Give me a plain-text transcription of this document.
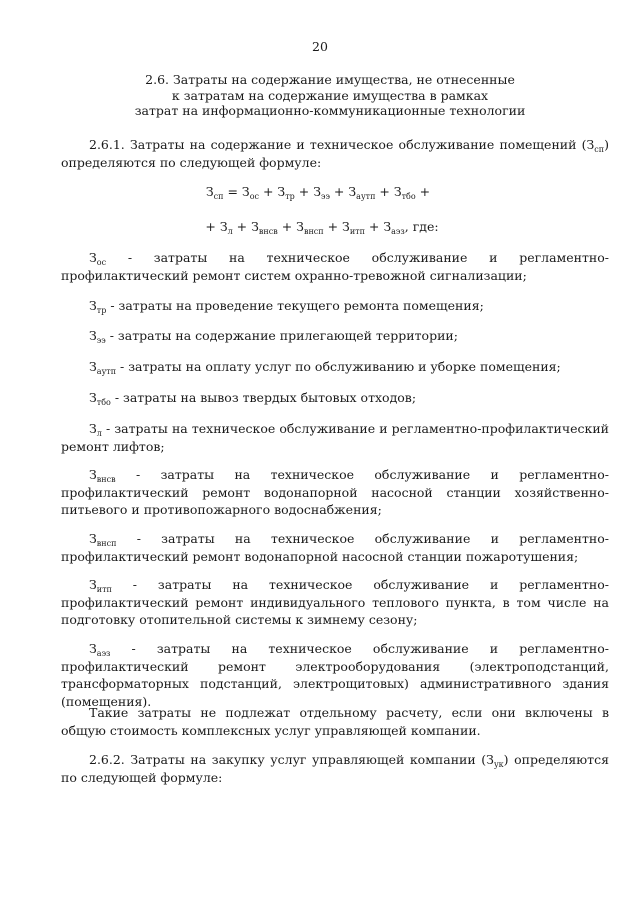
20
2.6. Затраты на содержание имущества, не отнесенные
к затратам на содержание имущества в рамках
затрат на информационно-коммуникационные технологии

2.6.1. Затраты на содержание и техническое обслуживание помещений $(З_{сп})$ определяются по следующей формуле:

$З_{сп} = З_{ос} + З_{тр} + З_{ээ} + З_{аутп} + З_{тбо}$ +
+ $З_л + З_{внсв} + З_{внсп} + З_{итп} + З_{аэз}$, где:

$З_{ос}$ - затраты на техническое обслуживание и регламентно-профилактический ремонт систем охранно-тревожной сигнализации;

$З_{тр}$ - затраты на проведение текущего ремонта помещения;

$З_{ээ}$ - затраты на содержание прилегающей территории;

$З_{аутп}$ - затраты на оплату услуг по обслуживанию и уборке помещения;

$З_{тбо}$ - затраты на вывоз твердых бытовых отходов;

$З_л$ - затраты на техническое обслуживание и регламентно-профилактический ремонт лифтов;

$З_{внсв}$ - затраты на техническое обслуживание и регламентно-профилактический ремонт водонапорной насосной станции хозяйственно-питьевого и противопожарного водоснабжения;

$З_{внсп}$ - затраты на техническое обслуживание и регламентно-профилактический ремонт водонапорной насосной станции пожаротушения;

$З_{итп}$ - затраты на техническое обслуживание и регламентно-профилактический ремонт индивидуального теплового пункта, в том числе на подготовку отопительной системы к зимнему сезону;

$З_{аэз}$ - затраты на техническое обслуживание и регламентно-профилактический ремонт электрооборудования (электроподстанций, трансформаторных подстанций, электрощитовых) административного здания (помещения).

Такие затраты не подлежат отдельному расчету, если они включены в общую стоимость комплексных услуг управляющей компании.

2.6.2. Затраты на закупку услуг управляющей компании $(З_{ук})$ определяются по следующей формуле:
